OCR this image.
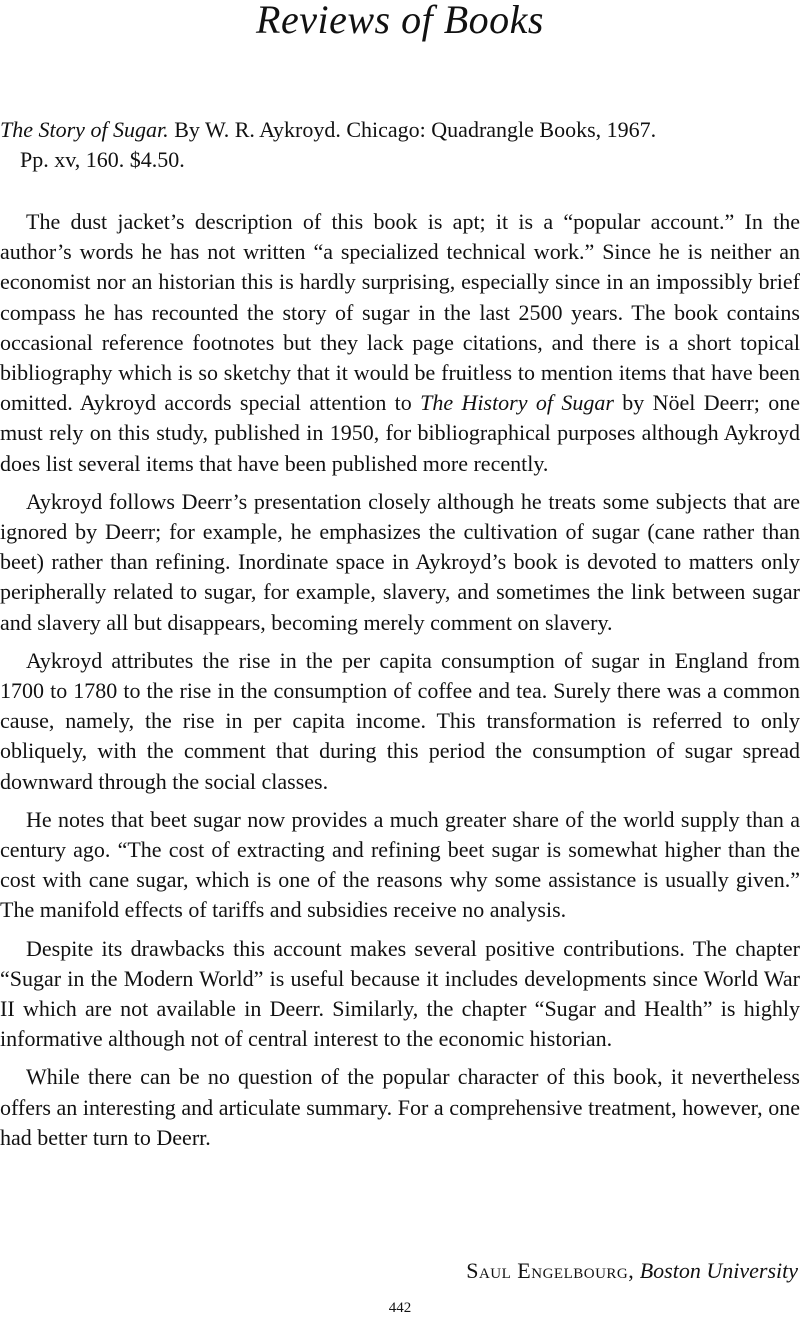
Reviews of Books

The Story of Sugar. By W. R. Aykroyd. Chicago: Quadrangle Books, 1967.
Pp. xv, 160. $4.50.

The dust jacket’s description of this book is apt; it is a “popular account.” In the author’s words he has not written “a specialized technical work.” Since he is neither an economist nor an historian this is hardly surprising, especially since in an impossibly brief compass he has recounted the story of sugar in the last 2500 years. The book contains occasional reference footnotes but they lack page citations, and there is a short topical bibliography which is so sketchy that it would be fruitless to mention items that have been omitted. Aykroyd accords special attention to The History of Sugar by Nöel Deerr; one must rely on this study, published in 1950, for bibliographical purposes although Aykroyd does list several items that have been published more recently.

Aykroyd follows Deerr’s presentation closely although he treats some subjects that are ignored by Deerr; for example, he emphasizes the cultivation of sugar (cane rather than beet) rather than refining. Inordinate space in Aykroyd’s book is devoted to matters only peripherally related to sugar, for example, slavery, and sometimes the link between sugar and slavery all but disappears, becoming merely comment on slavery.

Aykroyd attributes the rise in the per capita consumption of sugar in England from 1700 to 1780 to the rise in the consumption of coffee and tea. Surely there was a common cause, namely, the rise in per capita income. This transformation is referred to only obliquely, with the comment that during this period the consumption of sugar spread downward through the social classes.

He notes that beet sugar now provides a much greater share of the world supply than a century ago. “The cost of extracting and refining beet sugar is somewhat higher than the cost with cane sugar, which is one of the reasons why some assistance is usually given.” The manifold effects of tariffs and subsidies receive no analysis.

Despite its drawbacks this account makes several positive contributions. The chapter “Sugar in the Modern World” is useful because it includes developments since World War II which are not available in Deerr. Similarly, the chapter “Sugar and Health” is highly informative although not of central interest to the economic historian.

While there can be no question of the popular character of this book, it nevertheless offers an interesting and articulate summary. For a comprehensive treatment, however, one had better turn to Deerr.

Saul Engelbourg, Boston University

442
